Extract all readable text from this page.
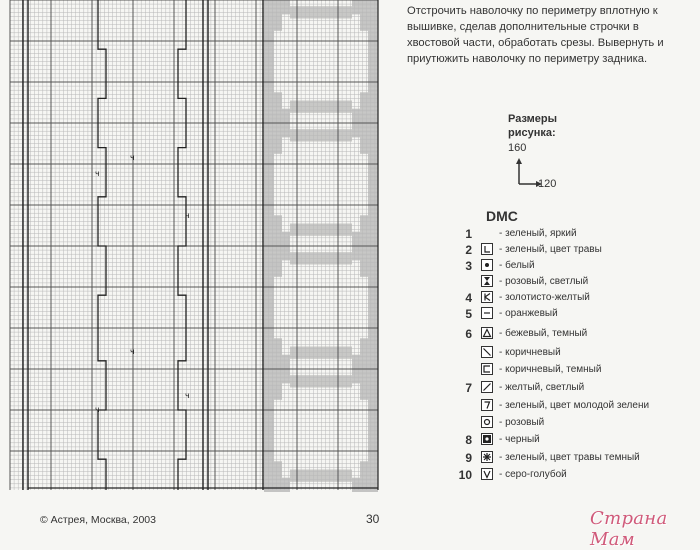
ч
ч
ч
ч
ч
ч
Отстрочить наволочку по периметру вплотную к
вышивке, сделав дополнительные строчки в
хвостовой части, обработать срезы. Вывернуть и
приутюжить наволочку по периметру задника.
Размеры
рисунка:
160
120
DMC
1	- зеленый, яркий
2	- зеленый, цвет травы
3	- белый
- розовый, светлый
4	- золотисто-желтый
5	- оранжевый
6	- бежевый, темный
- коричневый
- коричневый, темный
7	- желтый, светлый
- зеленый, цвет молодой зелени
- розовый
8	- черный
9	- зеленый, цвет травы темный
10	- серо-голубой
© Астрея, Москва, 2003	30	Страна Мам
